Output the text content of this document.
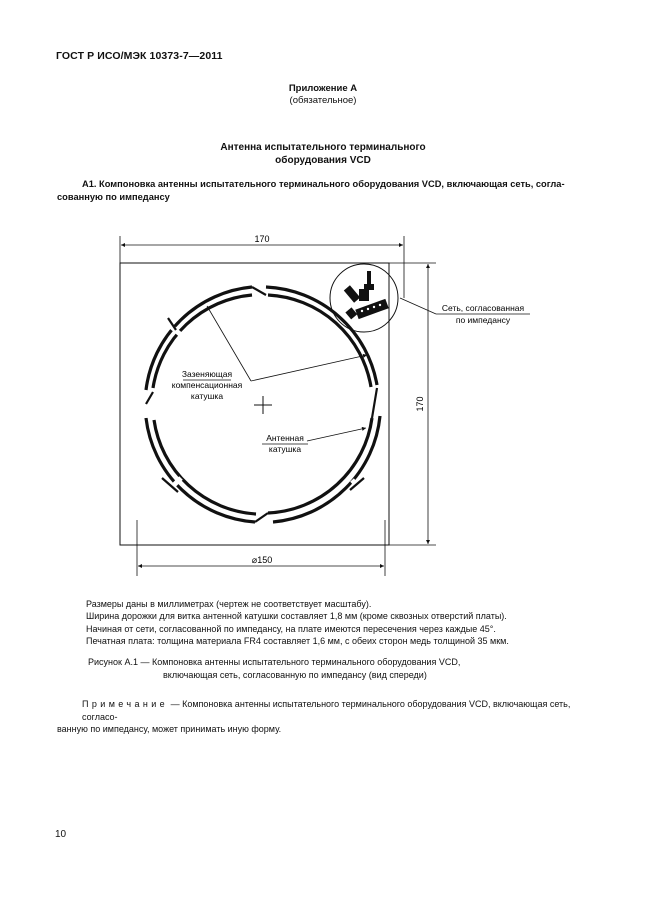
ГОСТ Р ИСО/МЭК 10373-7—2011
Приложение А
(обязательное)
Антенна испытательного терминального
оборудования VCD
А1. Компоновка антенны испытательного терминального оборудования VCD, включающая сеть, согла-
сованную по импедансу
170
170
⌀150
Сеть, согласованная
по импедансу
Зазеняющая
компенсационная
катушка
Антенная
катушка
Размеры даны в миллиметрах (чертеж не соответствует масштабу).
Ширина дорожки для витка антенной катушки составляет 1,8 мм (кроме сквозных отверстий платы).
Начиная от сети, согласованной по импедансу, на плате имеются пересечения через каждые 45°.
Печатная плата: толщина материала FR4 составляет 1,6 мм, с обеих сторон медь толщиной 35 мкм.
Рисунок А.1 — Компоновка антенны испытательного терминального оборудования VCD,
включающая сеть, согласованную по импедансу (вид спереди)
Примечание — Компоновка антенны испытательного терминального оборудования VCD, включающая сеть, согласо-
ванную по импедансу, может принимать иную форму.
10
